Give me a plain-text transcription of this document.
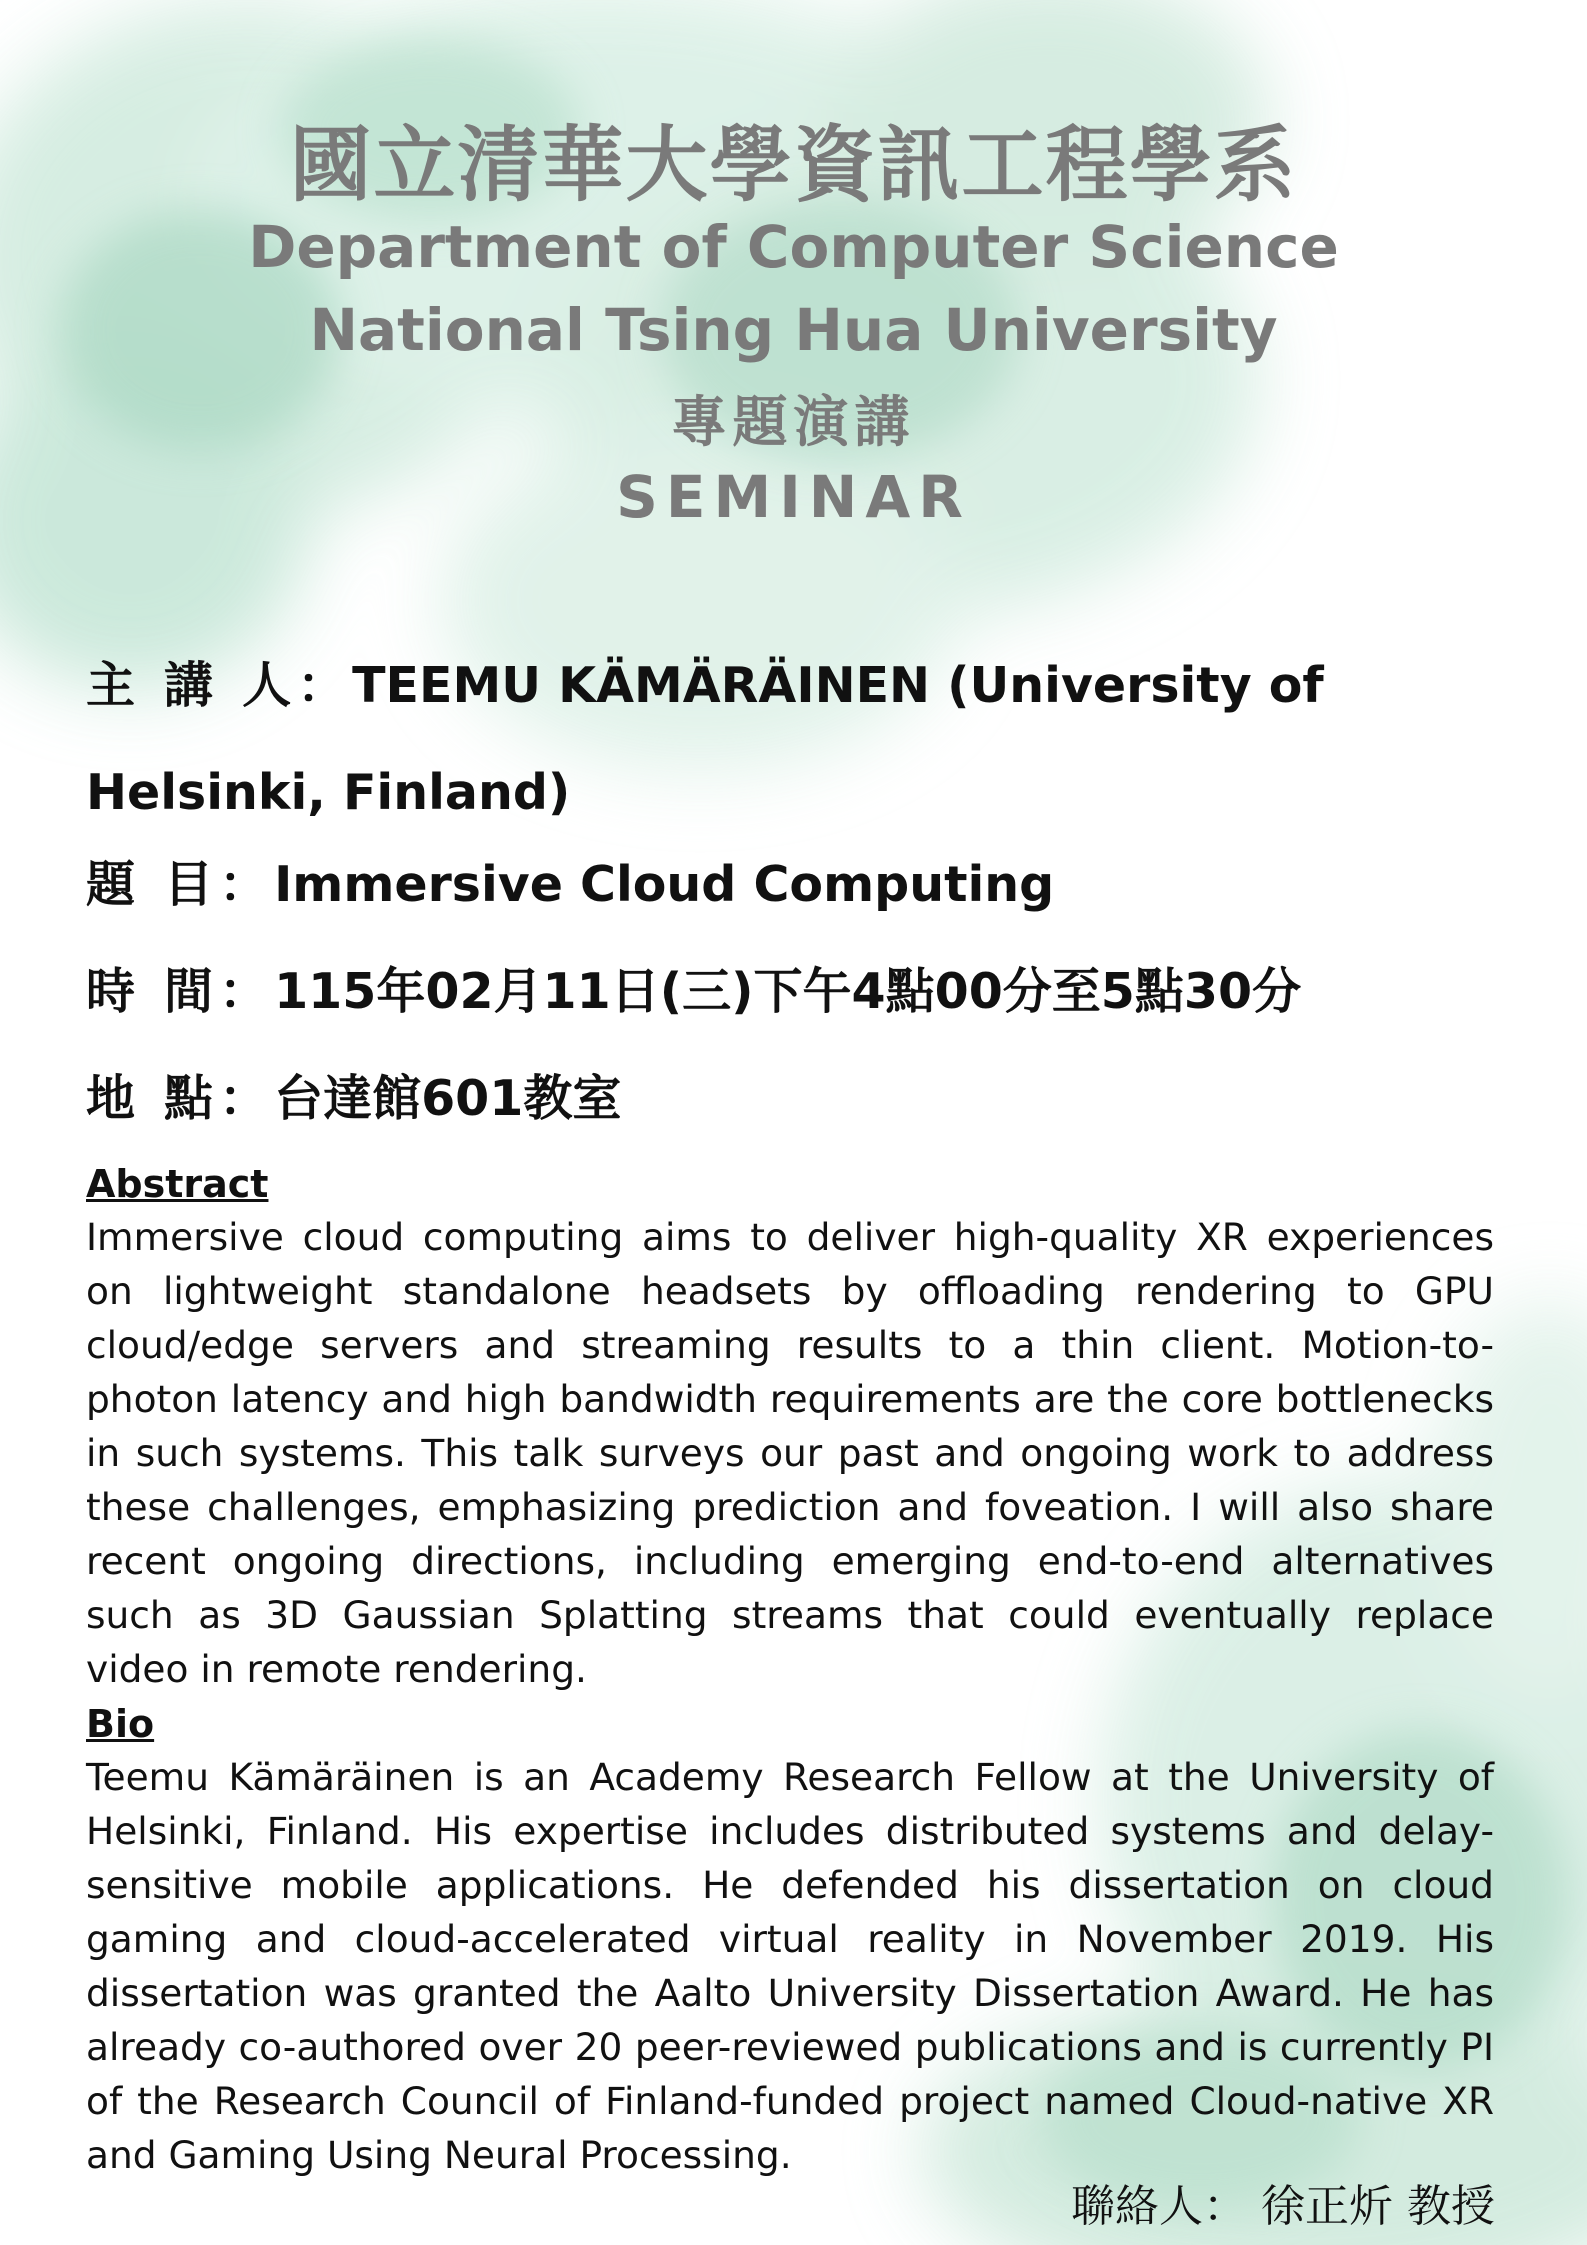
國立清華大學資訊工程學系
Department of Computer Science
National Tsing Hua University
專題演講
SEMINAR
主 講 人：TEEMU KÄMÄRÄINEN (University of Helsinki, Finland)
題 目：Immersive Cloud Computing
時 間：115年02月11日(三)下午4點00分至5點30分
地 點：台達館601教室
Abstract
Immersive cloud computing aims to deliver high-quality XR experiences on lightweight standalone headsets by offloading rendering to GPU cloud/edge servers and streaming results to a thin client. Motion-to-photon latency and high bandwidth requirements are the core bottlenecks in such systems. This talk surveys our past and ongoing work to address these challenges, emphasizing prediction and foveation. I will also share recent ongoing directions, including emerging end-to-end alternatives such as 3D Gaussian Splatting streams that could eventually replace video in remote rendering.
Bio
Teemu Kämäräinen is an Academy Research Fellow at the University of Helsinki, Finland. His expertise includes distributed systems and delay-sensitive mobile applications. He defended his dissertation on cloud gaming and cloud-accelerated virtual reality in November 2019. His dissertation was granted the Aalto University Dissertation Award. He has already co-authored over 20 peer-reviewed publications and is currently PI of the Research Council of Finland-funded project named Cloud-native XR and Gaming Using Neural Processing.
聯絡人： 徐正炘 教授
